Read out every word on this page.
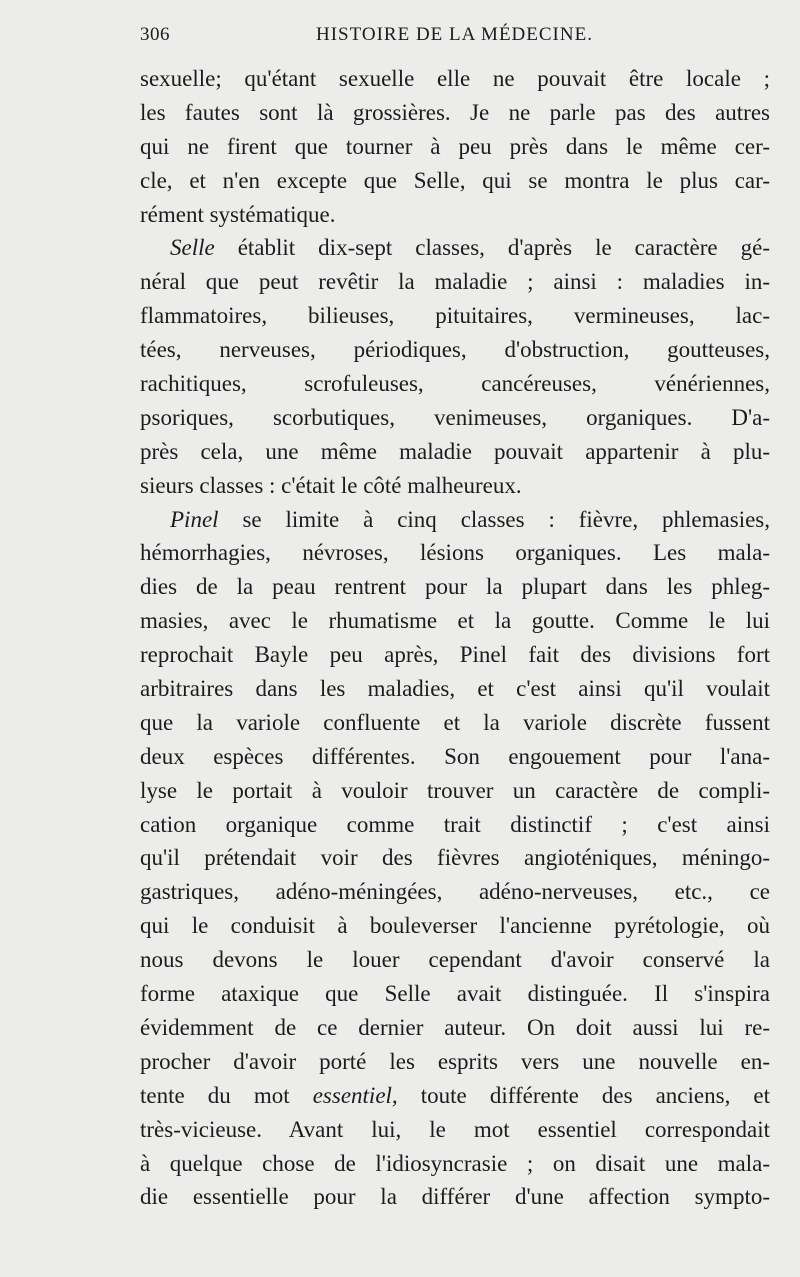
306	HISTOIRE DE LA MÉDECINE.
sexuelle; qu'étant sexuelle elle ne pouvait être locale ;
les fautes sont là grossières. Je ne parle pas des autres
qui ne firent que tourner à peu près dans le même cer-
cle, et n'en excepte que Selle, qui se montra le plus car-
rément systématique.
Selle établit dix-sept classes, d'après le caractère gé-
néral que peut revêtir la maladie ; ainsi : maladies in-
flammatoires, bilieuses, pituitaires, vermineuses, lac-
tées, nerveuses, périodiques, d'obstruction, goutteuses,
rachitiques, scrofuleuses, cancéreuses, vénériennes,
psoriques, scorbutiques, venimeuses, organiques. D'a-
près cela, une même maladie pouvait appartenir à plu-
sieurs classes : c'était le côté malheureux.
Pinel se limite à cinq classes : fièvre, phlemasies,
hémorrhagies, névroses, lésions organiques. Les mala-
dies de la peau rentrent pour la plupart dans les phleg-
masies, avec le rhumatisme et la goutte. Comme le lui
reprochait Bayle peu après, Pinel fait des divisions fort
arbitraires dans les maladies, et c'est ainsi qu'il voulait
que la variole confluente et la variole discrète fussent
deux espèces différentes. Son engouement pour l'ana-
lyse le portait à vouloir trouver un caractère de compli-
cation organique comme trait distinctif ; c'est ainsi
qu'il prétendait voir des fièvres angioténiques, méningo-
gastriques, adéno-méningées, adéno-nerveuses, etc., ce
qui le conduisit à bouleverser l'ancienne pyrétologie, où
nous devons le louer cependant d'avoir conservé la
forme ataxique que Selle avait distinguée. Il s'inspira
évidemment de ce dernier auteur. On doit aussi lui re-
procher d'avoir porté les esprits vers une nouvelle en-
tente du mot essentiel, toute différente des anciens, et
très-vicieuse. Avant lui, le mot essentiel correspondait
à quelque chose de l'idiosyncrasie ; on disait une mala-
die essentielle pour la différer d'une affection sympto-
